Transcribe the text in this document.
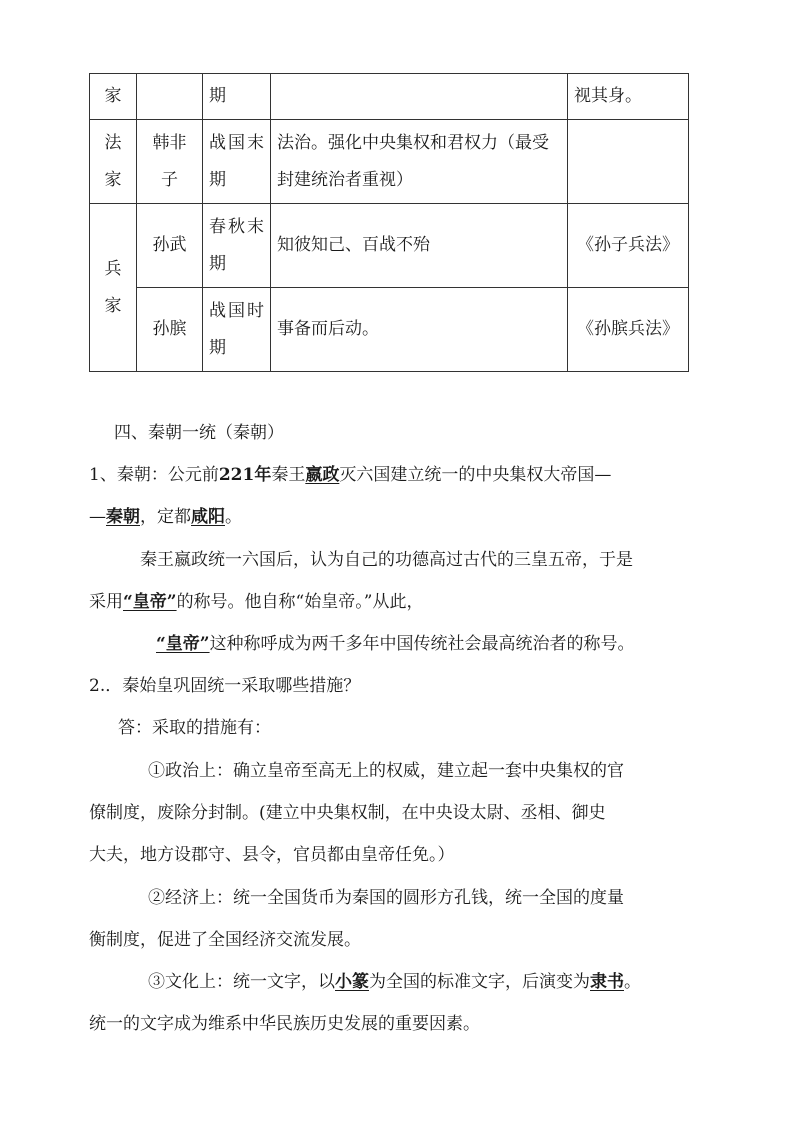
家		期		视其身。

法家	韩非子	战国末期	法治。强化中央集权和君权力（最受封建统治者重视）	

兵家	孙武	春秋末期	知彼知己、百战不殆	《孙子兵法》
	孙膑	战国时期	事备而后动。	《孙膑兵法》
四、秦朝一统（秦朝）
1、秦朝：公元前221年秦王嬴政灭六国建立统一的中央集权大帝国—
—秦朝，定都咸阳。
秦王嬴政统一六国后，认为自己的功德高过古代的三皇五帝，于是
采用“皇帝”的称号。他自称“始皇帝。”从此，
“皇帝”这种称呼成为两千多年中国传统社会最高统治者的称号。
2.．秦始皇巩固统一采取哪些措施？
答：采取的措施有：
①政治上：确立皇帝至高无上的权威，建立起一套中央集权的官
僚制度，废除分封制。(建立中央集权制，在中央设太尉、丞相、御史
大夫，地方设郡守、县令，官员都由皇帝任免。）
②经济上：统一全国货币为秦国的圆形方孔钱，统一全国的度量
衡制度，促进了全国经济交流发展。
③文化上：统一文字，以小篆为全国的标准文字，后演变为隶书。
统一的文字成为维系中华民族历史发展的重要因素。
